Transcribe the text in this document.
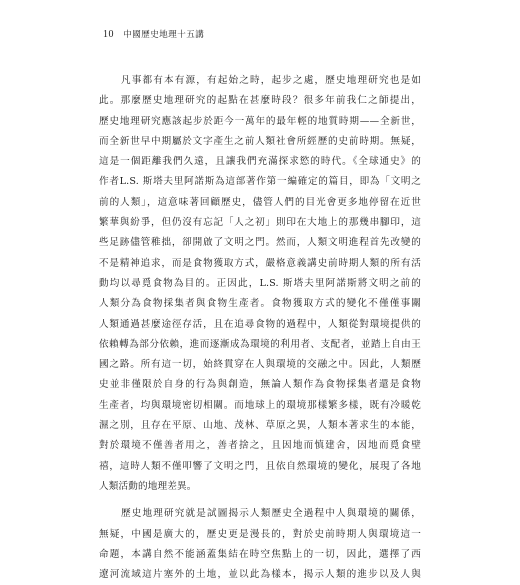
10 中國歷史地理十五講
凡事都有本有源，有起始之時，起步之處，歷史地理研究也是如
此。那麼歷史地理研究的起點在甚麼時段？很多年前我仁之師提出，
歷史地理研究應該起步於距今一萬年的最年輕的地質時期——全新世，
而全新世早中期屬於文字產生之前人類社會所經歷的史前時期。無疑，
這是一個距離我們久遠，且讓我們充滿探求慾的時代。《全球通史》的
作者L.S. 斯塔夫里阿諾斯為這部著作第一編確定的篇目，即為「文明之
前的人類」，這意味著回顧歷史，儘管人們的目光會更多地停留在近世
繁華與紛爭，但仍沒有忘記「人之初」則印在大地上的那幾串腳印，這
些足跡儘管稚拙，卻開啟了文明之門。然而，人類文明進程首先改變的
不是精神追求，而是食物獲取方式，嚴格意義講史前時期人類的所有活
動均以尋覓食物為目的。正因此，L.S. 斯塔夫里阿諾斯將文明之前的
人類分為食物採集者與食物生產者。食物獲取方式的變化不僅僅事關
人類通過甚麼途徑存活，且在追尋食物的過程中，人類從對環境提供的
依賴轉為部分依賴，進而逐漸成為環境的利用者、支配者，並踏上自由王
國之路。所有這一切，始終貫穿在人與環境的交融之中。因此，人類歷
史並非僅限於自身的行為與創造，無論人類作為食物採集者還是食物
生產者，均與環境密切相關。而地球上的環境那樣繁多樣，既有冷暖乾
濕之別，且存在平原、山地、茂林、草原之異，人類本著求生的本能，
對於環境不僅善者用之，善者捨之，且因地而慎建舍，因地而覓食壁
禧，這時人類不僅叩響了文明之門，且依自然環境的變化，展現了各地
人類活動的地理差異。
歷史地理研究就是試圖揭示人類歷史全過程中人與環境的關係，
無疑，中國是廣大的，歷史更是漫長的，對於史前時期人與環境這一
命題，本講自然不能涵蓋集結在時空焦點上的一切，因此，選擇了西
遼河流域這片塞外的土地，並以此為樣本，揭示人類的進步以及人與
